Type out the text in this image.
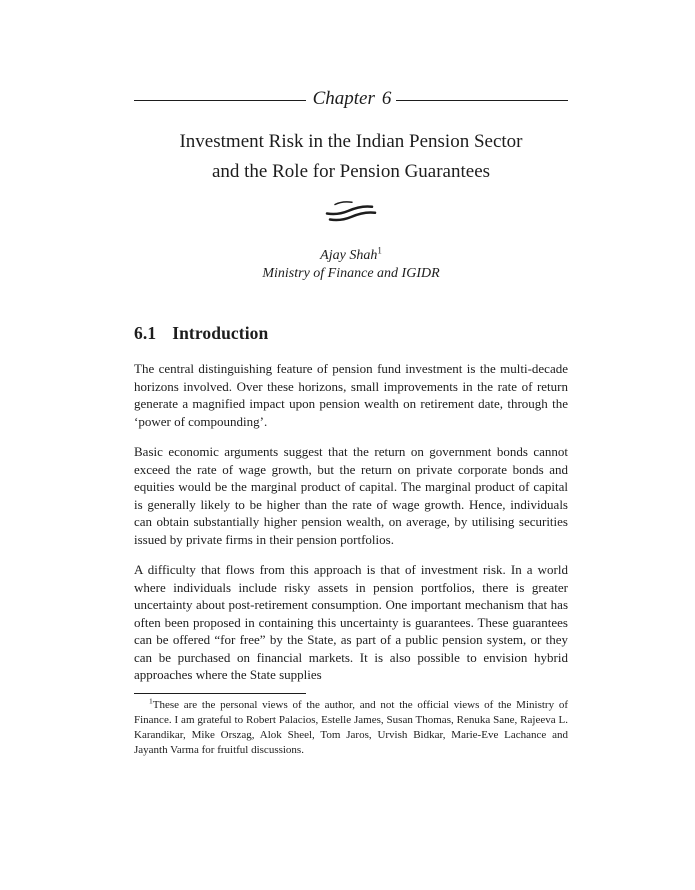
Chapter 6
Investment Risk in the Indian Pension Sector
and the Role for Pension Guarantees
Ajay Shah$^1$
Ministry of Finance and IGIDR
6.1 Introduction

The central distinguishing feature of pension fund investment is the multi-decade horizons involved. Over these horizons, small improvements in the rate of return generate a magnified impact upon pension wealth on retirement date, through the ‘power of compounding’.

Basic economic arguments suggest that the return on government bonds cannot exceed the rate of wage growth, but the return on private corporate bonds and equities would be the marginal product of capital. The marginal product of capital is generally likely to be higher than the rate of wage growth. Hence, individuals can obtain substantially higher pension wealth, on average, by utilising securities issued by private firms in their pension portfolios.

A difficulty that flows from this approach is that of investment risk. In a world where individuals include risky assets in pension portfolios, there is greater uncertainty about post-retirement consumption. One important mechanism that has often been proposed in containing this uncertainty is guarantees. These guarantees can be offered “for free” by the State, as part of a public pension system, or they can be purchased on financial markets. It is also possible to envision hybrid approaches where the State supplies

$^1$These are the personal views of the author, and not the official views of the Ministry of Finance. I am grateful to Robert Palacios, Estelle James, Susan Thomas, Renuka Sane, Rajeeva L. Karandikar, Mike Orszag, Alok Sheel, Tom Jaros, Urvish Bidkar, Marie-Eve Lachance and Jayanth Varma for fruitful discussions.
